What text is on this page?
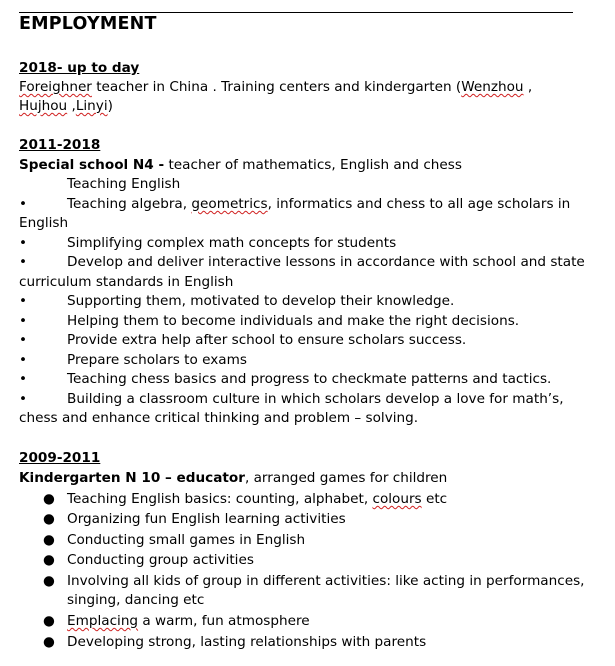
EMPLOYMENT
2018- up to day
Foreighner teacher in China . Training centers and kindergarten (Wenzhou ,
Hujhou ,Linyi)
2011-2018
Special school N4 - teacher of mathematics, English and chess
Teaching English
•	Teaching algebra, geometrics, informatics and chess to all age scholars in
English
•	Simplifying complex math concepts for students
•	Develop and deliver interactive lessons in accordance with school and state
curriculum standards in English
•	Supporting them, motivated to develop their knowledge.
•	Helping them to become individuals and make the right decisions.
•	Provide extra help after school to ensure scholars success.
•	Prepare scholars to exams
•	Teaching chess basics and progress to checkmate patterns and tactics.
•	Building a classroom culture in which scholars develop a love for math’s,
chess and enhance critical thinking and problem – solving.
2009-2011
Kindergarten N 10 – educator, arranged games for children
● Teaching English basics: counting, alphabet, colours etc
● Organizing fun English learning activities
● Conducting small games in English
● Conducting group activities
● Involving all kids of group in different activities: like acting in performances,
singing, dancing etc
● Emplacing a warm, fun atmosphere
● Developing strong, lasting relationships with parents
